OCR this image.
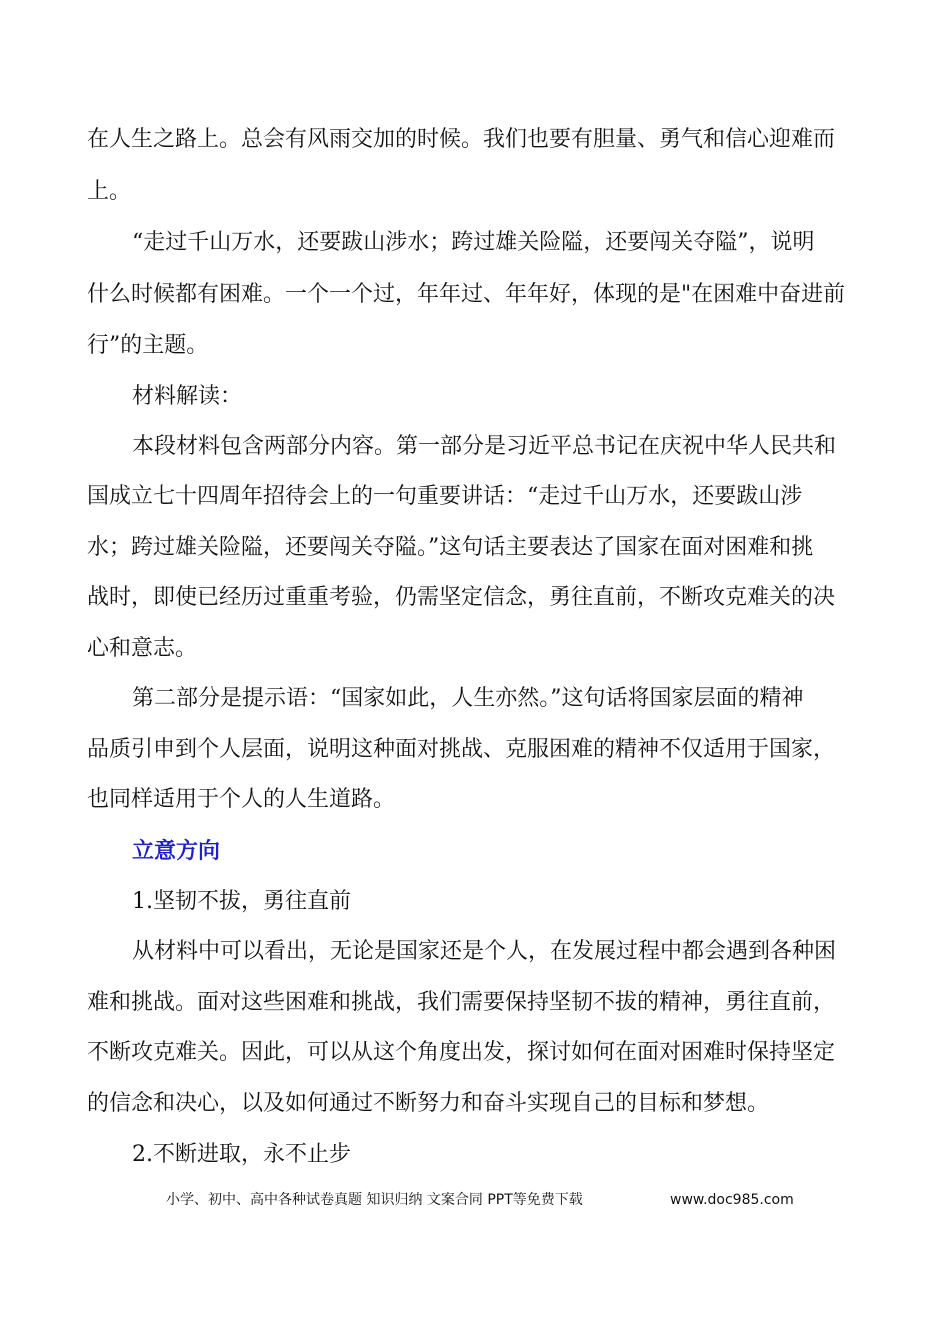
在人生之路上。总会有风雨交加的时候。我们也要有胆量、勇气和信心迎难而
上。
“走过千山万水，还要跋山涉水；跨过雄关险隘，还要闯关夺隘”，说明
什么时候都有困难。一个一个过，年年过、年年好，体现的是"在困难中奋进前
行”的主题。
材料解读：
本段材料包含两部分内容。第一部分是习近平总书记在庆祝中华人民共和
国成立七十四周年招待会上的一句重要讲话：“走过千山万水，还要跋山涉
水；跨过雄关险隘，还要闯关夺隘。”这句话主要表达了国家在面对困难和挑
战时，即使已经历过重重考验，仍需坚定信念，勇往直前，不断攻克难关的决
心和意志。
第二部分是提示语：“国家如此，人生亦然。”这句话将国家层面的精神
品质引申到个人层面，说明这种面对挑战、克服困难的精神不仅适用于国家，
也同样适用于个人的人生道路。
立意方向
1.坚韧不拔，勇往直前
从材料中可以看出，无论是国家还是个人，在发展过程中都会遇到各种困
难和挑战。面对这些困难和挑战，我们需要保持坚韧不拔的精神，勇往直前，
不断攻克难关。因此，可以从这个角度出发，探讨如何在面对困难时保持坚定
的信念和决心，以及如何通过不断努力和奋斗实现自己的目标和梦想。
2.不断进取，永不止步
小学、初中、高中各种试卷真题 知识归纳 文案合同 PPT等免费下载	www.doc985.com
